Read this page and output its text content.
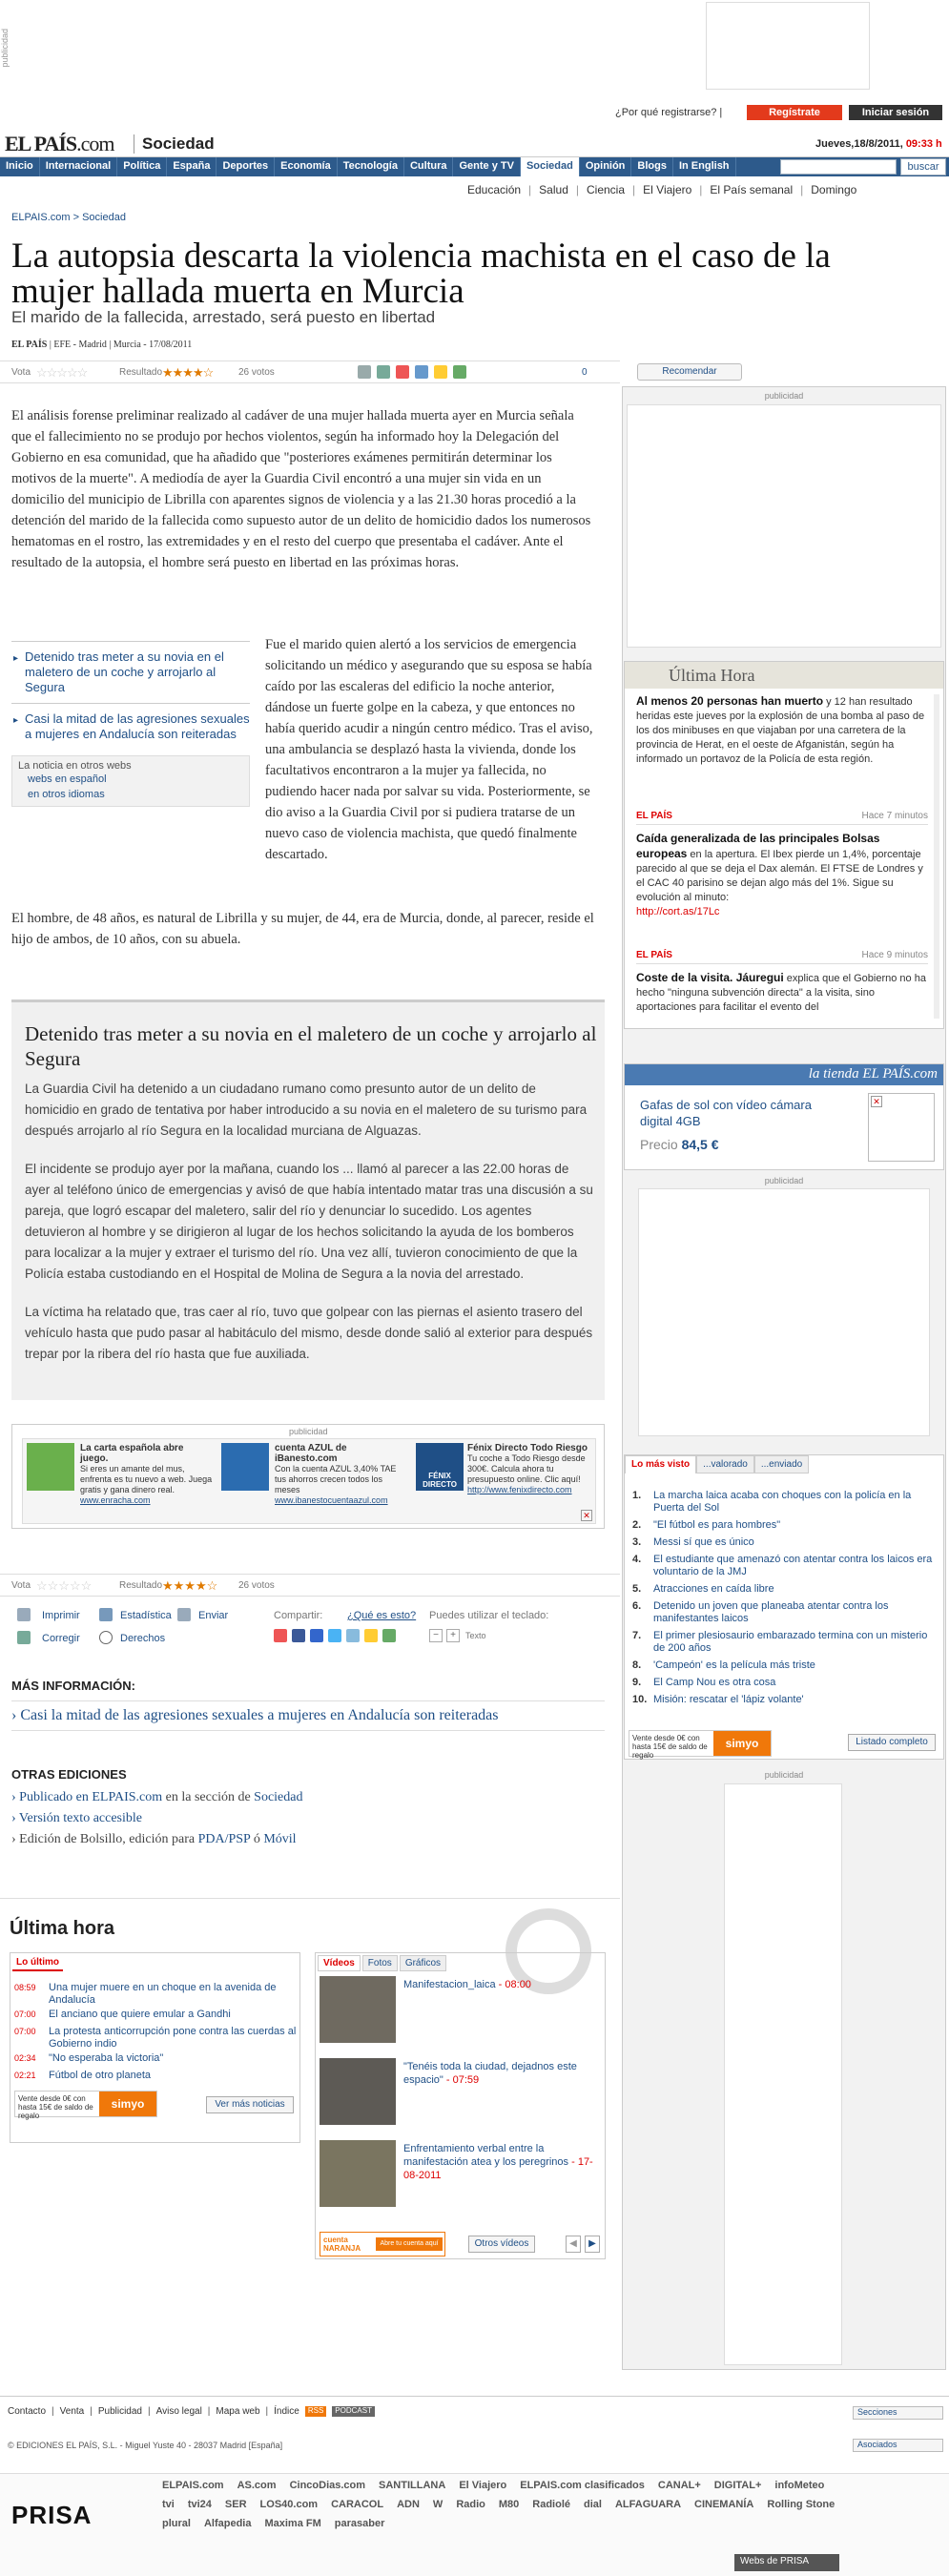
publicidad
¿Por qué registrarse? |	Regístrate	Iniciar sesión
EL PAÍS.com	Sociedad	Jueves,18/8/2011, 09:33 h
Inicio	Internacional	Política	España	Deportes	Economía	Tecnología	Cultura	Gente y TV	Sociedad	Opinión	Blogs	In English	buscar
Educación | Salud | Ciencia | El Viajero | El País semanal | Domingo
ELPAIS.com > Sociedad
La autopsia descarta la violencia machista en el caso de la mujer hallada muerta en Murcia
El marido de la fallecida, arrestado, será puesto en libertad
EL PAÍS | EFE - Madrid | Murcia - 17/08/2011
Vota ☆☆☆☆☆	Resultado ★★★★☆	26 votos	0	Recomendar
El análisis forense preliminar realizado al cadáver de una mujer hallada muerta ayer en Murcia señala que el fallecimiento no se produjo por hechos violentos, según ha informado hoy la Delegación del Gobierno en esa comunidad, que ha añadido que "posteriores exámenes permitirán determinar los motivos de la muerte". A mediodía de ayer la Guardia Civil encontró a una mujer sin vida en un domicilio del municipio de Librilla con aparentes signos de violencia y a las 21.30 horas procedió a la detención del marido de la fallecida como supuesto autor de un delito de homicidio dados los numerosos hematomas en el rostro, las extremidades y en el resto del cuerpo que presentaba el cadáver. Ante el resultado de la autopsia, el hombre será puesto en libertad en las próximas horas.
▸ Detenido tras meter a su novia en el maletero de un coche y arrojarlo al Segura
▸ Casi la mitad de las agresiones sexuales a mujeres en Andalucía son reiteradas
La noticia en otros webs
webs en español
en otros idiomas
Fue el marido quien alertó a los servicios de emergencia solicitando un médico y asegurando que su esposa se había caído por las escaleras del edificio la noche anterior, dándose un fuerte golpe en la cabeza, y que entonces no había querido acudir a ningún centro médico. Tras el aviso, una ambulancia se desplazó hasta la vivienda, donde los facultativos encontraron a la mujer ya fallecida, no pudiendo hacer nada por salvar su vida. Posteriormente, se dio aviso a la Guardia Civil por si pudiera tratarse de un nuevo caso de violencia machista, que quedó finalmente descartado.
El hombre, de 48 años, es natural de Librilla y su mujer, de 44, era de Murcia, donde, al parecer, reside el hijo de ambos, de 10 años, con su abuela.
Detenido tras meter a su novia en el maletero de un coche y arrojarlo al Segura
La Guardia Civil ha detenido a un ciudadano rumano como presunto autor de un delito de homicidio en grado de tentativa por haber introducido a su novia en el maletero de su turismo para después arrojarlo al río Segura en la localidad murciana de Alguazas.
El incidente se produjo ayer por la mañana, cuando los ... llamó al parecer a las 22.00 horas de ayer al teléfono único de emergencias y avisó de que había intentado matar tras una discusión a su pareja, que logró escapar del maletero, salir del río y denunciar lo sucedido. Los agentes detuvieron al hombre y se dirigieron al lugar de los hechos solicitando la ayuda de los bomberos para localizar a la mujer y extraer el turismo del río. Una vez allí, tuvieron conocimiento de que la Policía estaba custodiando en el Hospital de Molina de Segura a la novia del arrestado.
La víctima ha relatado que, tras caer al río, tuvo que golpear con las piernas el asiento trasero del vehículo hasta que pudo pasar al habitáculo del mismo, desde donde salió al exterior para después trepar por la ribera del río hasta que fue auxiliada.
publicidad
La carta española abre juego.
Si eres un amante del mus, enfrenta es tu nuevo a web. Juega gratis y gana dinero real.
www.enracha.com
cuenta AZUL de iBanesto.com
Con la cuenta AZUL 3,40% TAE tus ahorros crecen todos los meses
www.ibanestocuentaazul.com
FÉNIX DIRECTO
Fénix Directo Todo Riesgo
Tu coche a Todo Riesgo desde 300€. Calcula ahora tu presupuesto online. Clic aquí!
http://www.fenixdirecto.com
✕
Vota ☆☆☆☆☆	Resultado ★★★★☆ 26 votos
Imprimir	Estadística	Enviar
Corregir	Derechos
Compartir: ¿Qué es esto? Puedes utilizar el teclado:
−	+	Texto
MÁS INFORMACIÓN:
› Casi la mitad de las agresiones sexuales a mujeres en Andalucía son reiteradas
OTRAS EDICIONES
› Publicado en ELPAIS.com en la sección de Sociedad
› Versión texto accesible
› Edición de Bolsillo, edición para PDA/PSP ó Móvil
Última hora
Lo último
08:59 Una mujer muere en un choque en la avenida de Andalucía
07:00 El anciano que quiere emular a Gandhi
07:00 La protesta anticorrupción pone contra las cuerdas al Gobierno indio
02:34 "No esperaba la victoria"
02:21 Fútbol de otro planeta
Vente desde 0€ con hasta 15€ de saldo de regalo
simyo	Ver más noticias
Vídeos	Fotos	Gráficos
Manifestacion_laica - 08:00
"Tenéis toda la ciudad, dejadnos este espacio" - 07:59
Enfrentamiento verbal entre la manifestación atea y los peregrinos - 17-08-2011
cuenta NARANJA
Abre tu cuenta aquí	Otros vídeos	◀	▶
publicidad
publicidad
publicidad
Última Hora
Al menos 20 personas han muerto y 12 han resultado heridas este jueves por la explosión de una bomba al paso de los dos minibuses en que viajaban por una carretera de la provincia de Herat, en el oeste de Afganistán, según ha informado un portavoz de la Policía de esta región.
EL PAÍS	Hace 7 minutos
Caída generalizada de las principales Bolsas europeas en la apertura. El Ibex pierde un 1,4%, porcentaje parecido al que se deja el Dax alemán. El FTSE de Londres y el CAC 40 parisino se dejan algo más del 1%. Sigue su evolución al minuto:
http://cort.as/17Lc
EL PAÍS	Hace 9 minutos
Coste de la visita. Jáuregui explica que el Gobierno no ha hecho "ninguna subvención directa" a la visita, sino aportaciones para facilitar el evento del
la tienda EL PAÍS.com
Gafas de sol con vídeo cámara digital 4GB
Precio 84,5 €
✕
Lo más visto	...valorado	...enviado
1. La marcha laica acaba con choques con la policía en la Puerta del Sol
2. "El fútbol es para hombres"
3. Messi sí que es único
4. El estudiante que amenazó con atentar contra los laicos era voluntario de la JMJ
5. Atracciones en caída libre
6. Detenido un joven que planeaba atentar contra los manifestantes laicos
7. El primer plesiosaurio embarazado termina con un misterio de 200 años
8. 'Campeón' es la película más triste
9. El Camp Nou es otra cosa
10. Misión: rescatar el 'lápiz volante'
Vente desde 0€ con hasta 15€ de saldo de regalo
simyo	Listado completo
Contacto | Venta | Publicidad | Aviso legal | Mapa web | Índice	RSS	PODCAST	Secciones
Asociados
© EDICIONES EL PAÍS, S.L. - Miguel Yuste 40 - 28037 Madrid [España]
PRISA
ELPAIS.com AS.com CincoDias.com SANTILLANA El Viajero ELPAIS.com clasificados CANAL+ DIGITAL+ infoMeteo
tvi tvi24 SER LOS40.com CARACOL ADN W Radio M80 Radiolé dial ALFAGUARA CINEMANÍA Rolling Stone
plural Alfapedia Maxima FM parasaber
Webs de PRISA
